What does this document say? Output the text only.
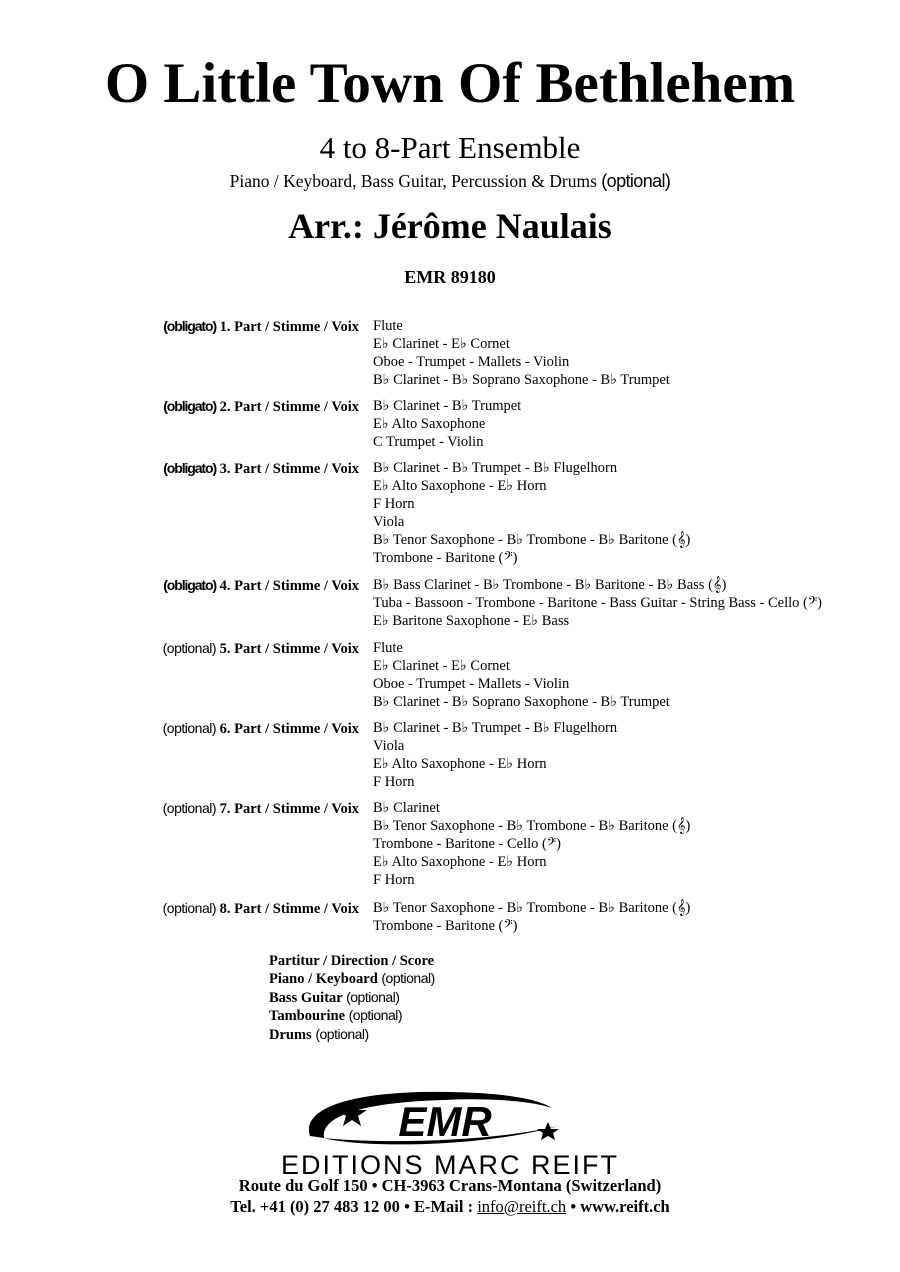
O Little Town Of Bethlehem
4 to 8-Part Ensemble
Piano / Keyboard, Bass Guitar, Percussion & Drums (optional)
Arr.: Jérôme Naulais
EMR 89180
(obligato) 1. Part / Stimme / Voix Flute
E♭ Clarinet - E♭ Cornet
Oboe - Trumpet - Mallets - Violin
B♭ Clarinet - B♭ Soprano Saxophone - B♭ Trumpet
(obligato) 2. Part / Stimme / Voix B♭ Clarinet - B♭ Trumpet
E♭ Alto Saxophone
C Trumpet - Violin
(obligato) 3. Part / Stimme / Voix B♭ Clarinet - B♭ Trumpet - B♭ Flugelhorn
E♭ Alto Saxophone - E♭ Horn
F Horn
Viola
B♭ Tenor Saxophone - B♭ Trombone - B♭ Baritone (𝄞)
Trombone - Baritone (𝄢)
(obligato) 4. Part / Stimme / Voix B♭ Bass Clarinet - B♭ Trombone - B♭ Baritone - B♭ Bass (𝄞)
Tuba - Bassoon - Trombone - Baritone - Bass Guitar - String Bass - Cello (𝄢)
E♭ Baritone Saxophone - E♭ Bass
(optional) 5. Part / Stimme / Voix Flute
E♭ Clarinet - E♭ Cornet
Oboe - Trumpet - Mallets - Violin
B♭ Clarinet - B♭ Soprano Saxophone - B♭ Trumpet
(optional) 6. Part / Stimme / Voix B♭ Clarinet - B♭ Trumpet - B♭ Flugelhorn
Viola
E♭ Alto Saxophone - E♭ Horn
F Horn
(optional) 7. Part / Stimme / Voix B♭ Clarinet
B♭ Tenor Saxophone - B♭ Trombone - B♭ Baritone (𝄞)
Trombone - Baritone - Cello (𝄢)
E♭ Alto Saxophone - E♭ Horn
F Horn
(optional) 8. Part / Stimme / Voix B♭ Tenor Saxophone - B♭ Trombone - B♭ Baritone (𝄞)
Trombone - Baritone (𝄢)
Partitur / Direction / Score
Piano / Keyboard (optional)
Bass Guitar (optional)
Tambourine (optional)
Drums (optional)
EMR
EDITIONS MARC REIFT
Route du Golf 150 • CH-3963 Crans-Montana (Switzerland)
Tel. +41 (0) 27 483 12 00 • E-Mail : info@reift.ch • www.reift.ch
